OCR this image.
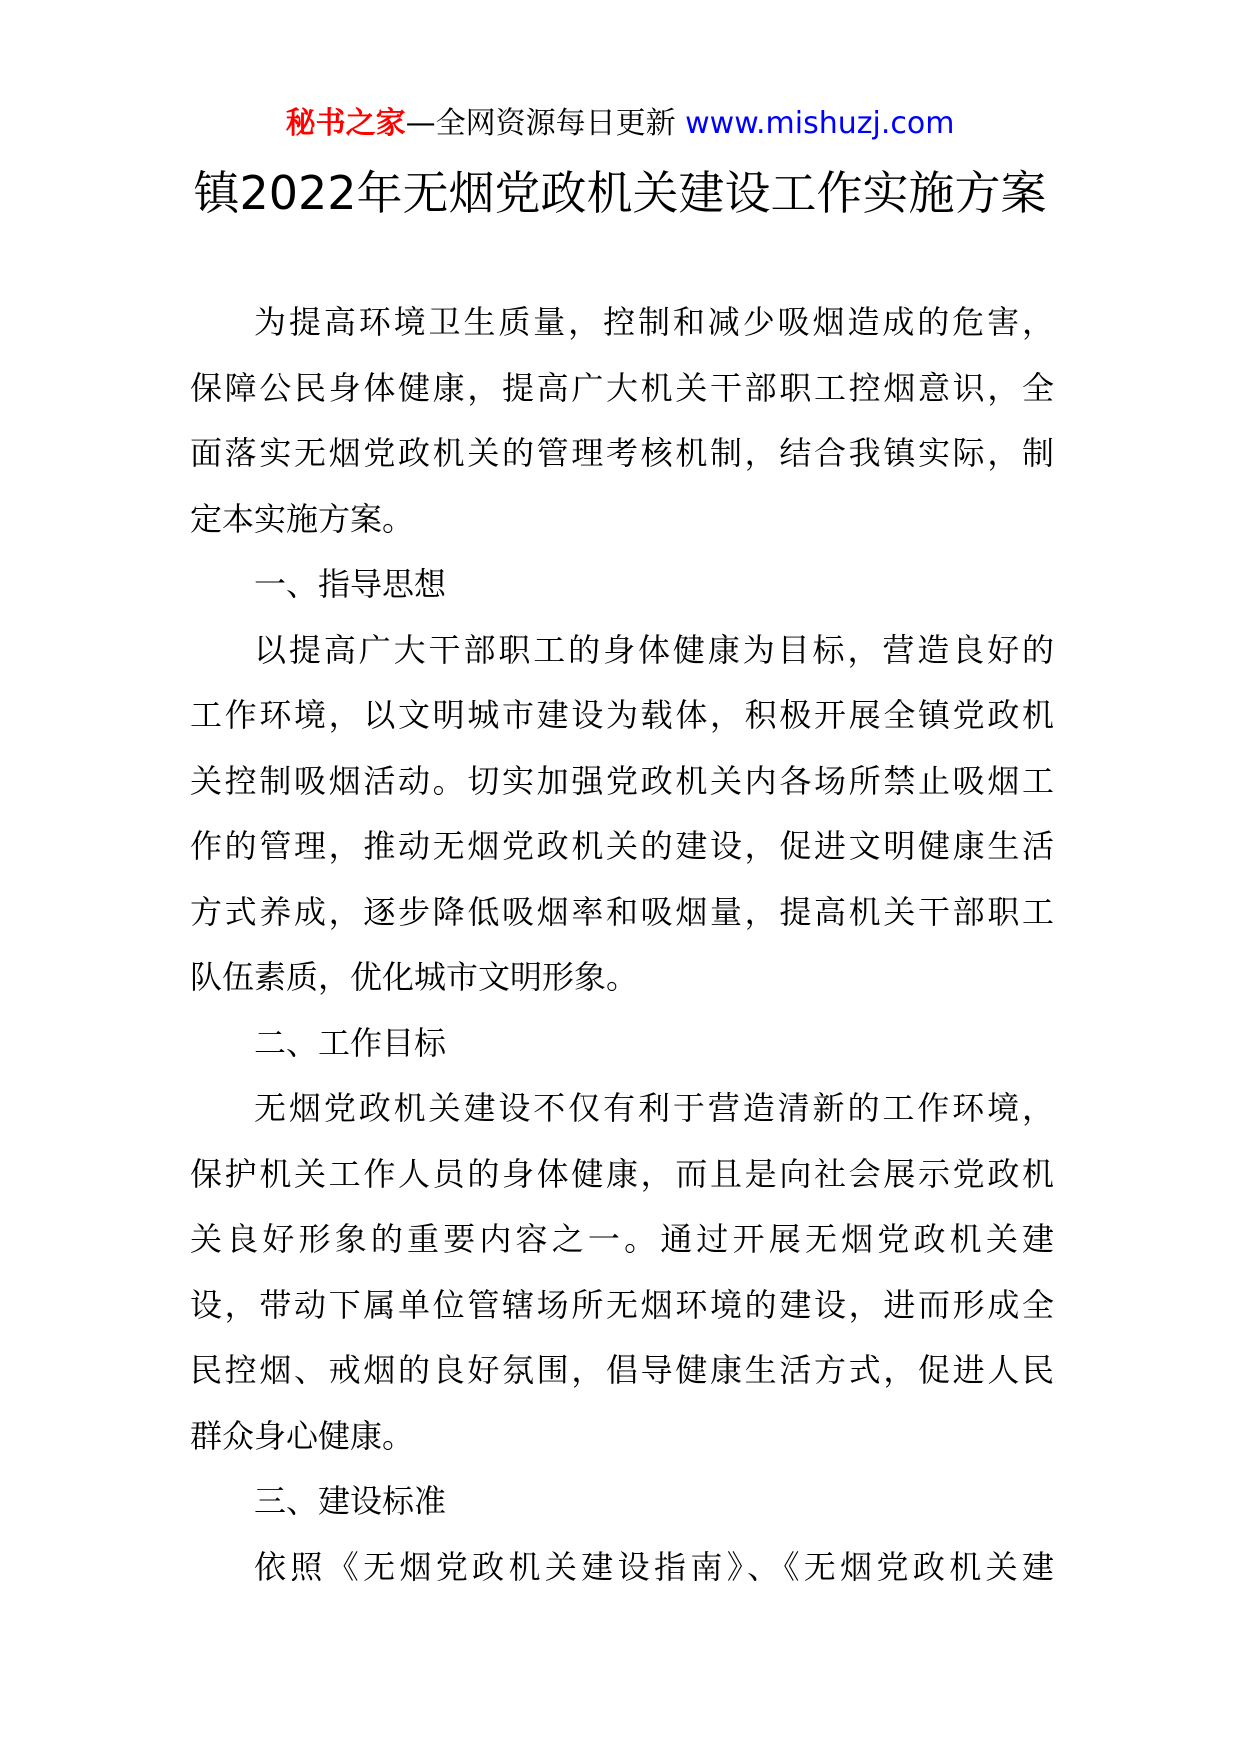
秘书之家—全网资源每日更新 www.mishuzj.com
镇2022年无烟党政机关建设工作实施方案
为提高环境卫生质量，控制和减少吸烟造成的危害，
保障公民身体健康，提高广大机关干部职工控烟意识，全
面落实无烟党政机关的管理考核机制，结合我镇实际，制
定本实施方案。
一、指导思想
以提高广大干部职工的身体健康为目标，营造良好的
工作环境，以文明城市建设为载体，积极开展全镇党政机
关控制吸烟活动。切实加强党政机关内各场所禁止吸烟工
作的管理，推动无烟党政机关的建设，促进文明健康生活
方式养成，逐步降低吸烟率和吸烟量，提高机关干部职工
队伍素质，优化城市文明形象。
二、工作目标
无烟党政机关建设不仅有利于营造清新的工作环境，
保护机关工作人员的身体健康，而且是向社会展示党政机
关良好形象的重要内容之一。通过开展无烟党政机关建
设，带动下属单位管辖场所无烟环境的建设，进而形成全
民控烟、戒烟的良好氛围，倡导健康生活方式，促进人民
群众身心健康。
三、建设标准
依照《无烟党政机关建设指南》、《无烟党政机关建
